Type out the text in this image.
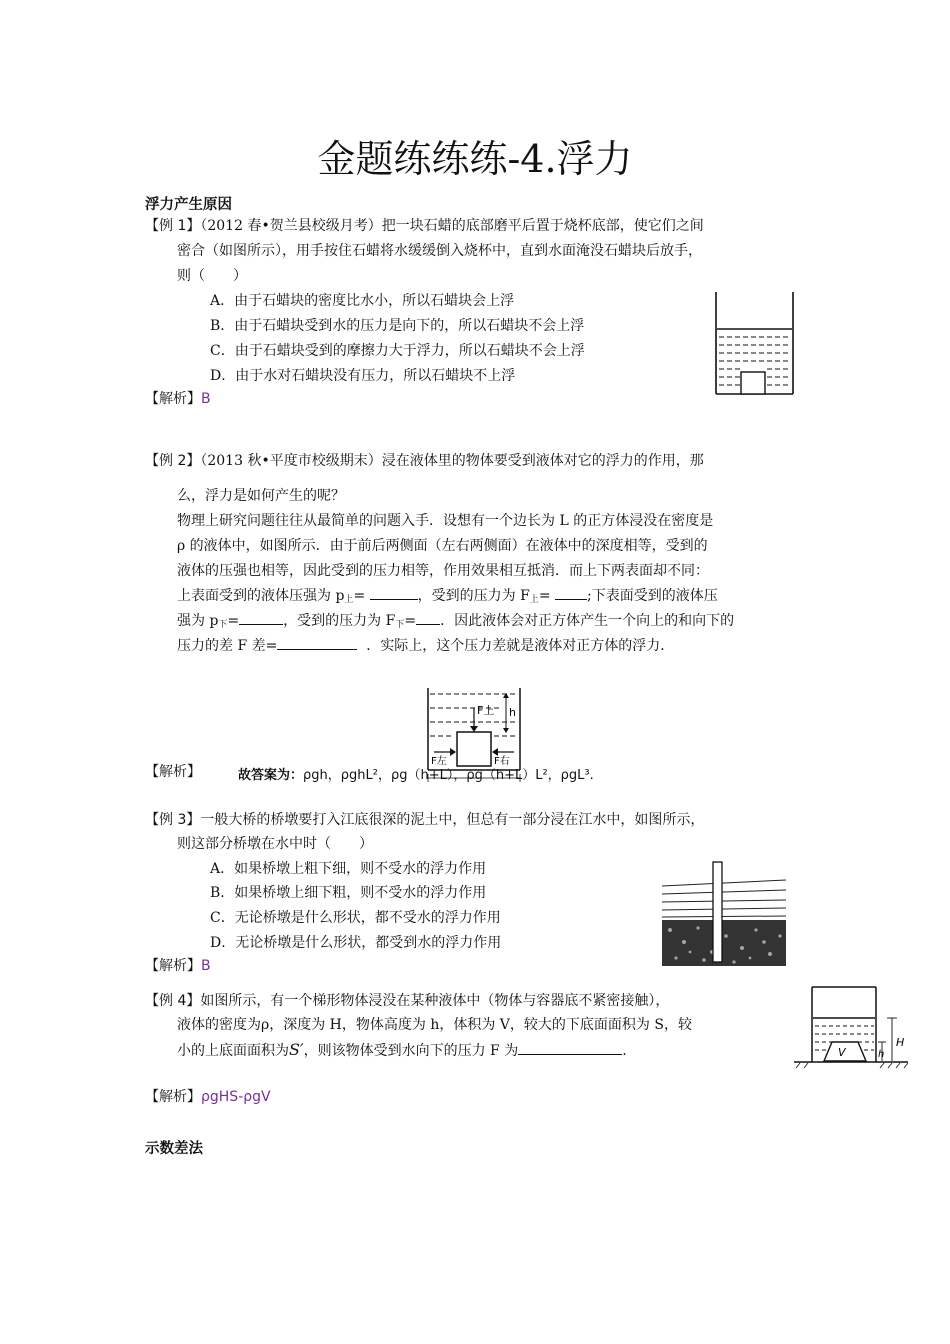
金题练练练-4.浮力
浮力产生原因
【例 1】（2012 春•贺兰县校级月考）把一块石蜡的底部磨平后置于烧杯底部，使它们之间
密合（如图所示），用手按住石蜡将水缓缓倒入烧杯中，直到水面淹没石蜡块后放手，
则（　　）
A．由于石蜡块的密度比水小，所以石蜡块会上浮
B．由于石蜡块受到水的压力是向下的，所以石蜡块不会上浮
C．由于石蜡块受到的摩擦力大于浮力，所以石蜡块不会上浮
D．由于水对石蜡块没有压力，所以石蜡块不上浮
【解析】B
【例 2】（2013 秋•平度市校级期末）浸在液体里的物体要受到液体对它的浮力的作用，那
么，浮力是如何产生的呢？
物理上研究问题往往从最简单的问题入手．设想有一个边长为 L 的正方体浸没在密度是
ρ 的液体中，如图所示．由于前后两侧面（左右两侧面）在液体中的深度相等，受到的
液体的压强也相等，因此受到的压力相等，作用效果相互抵消．而上下两表面却不同：
上表面受到的液体压强为 $p_上=$	，受到的压力为 $F_上=$	;下表面受到的液体压
强为 $p_下=$	，受到的压力为 $F_下=$ ．因此液体会对正方体产生一个向上的和向下的
压力的差 F 差=	．实际上，这个压力差就是液体对正方体的浮力．
F上 h
F左	F右
【解析】	故答案为：ρgh，ρghL²，ρg（h+L），ρg（h+L）L²，ρgL³.
【例 3】一般大桥的桥墩要打入江底很深的泥土中，但总有一部分浸在江水中，如图所示，
则这部分桥墩在水中时（　　）
A．如果桥墩上粗下细，则不受水的浮力作用
B．如果桥墩上细下粗，则不受水的浮力作用
C．无论桥墩是什么形状，都不受水的浮力作用
D．无论桥墩是什么形状，都受到水的浮力作用
【解析】B
【例 4】如图所示，有一个梯形物体浸没在某种液体中（物体与容器底不紧密接触），
液体的密度为ρ，深度为 H，物体高度为 h，体积为 V，较大的下底面面积为 S，较
小的上底面面积为S′，则该物体受到水向下的压力 F 为	.
【解析】ρgHS-ρgV
V
H
h
示数差法
